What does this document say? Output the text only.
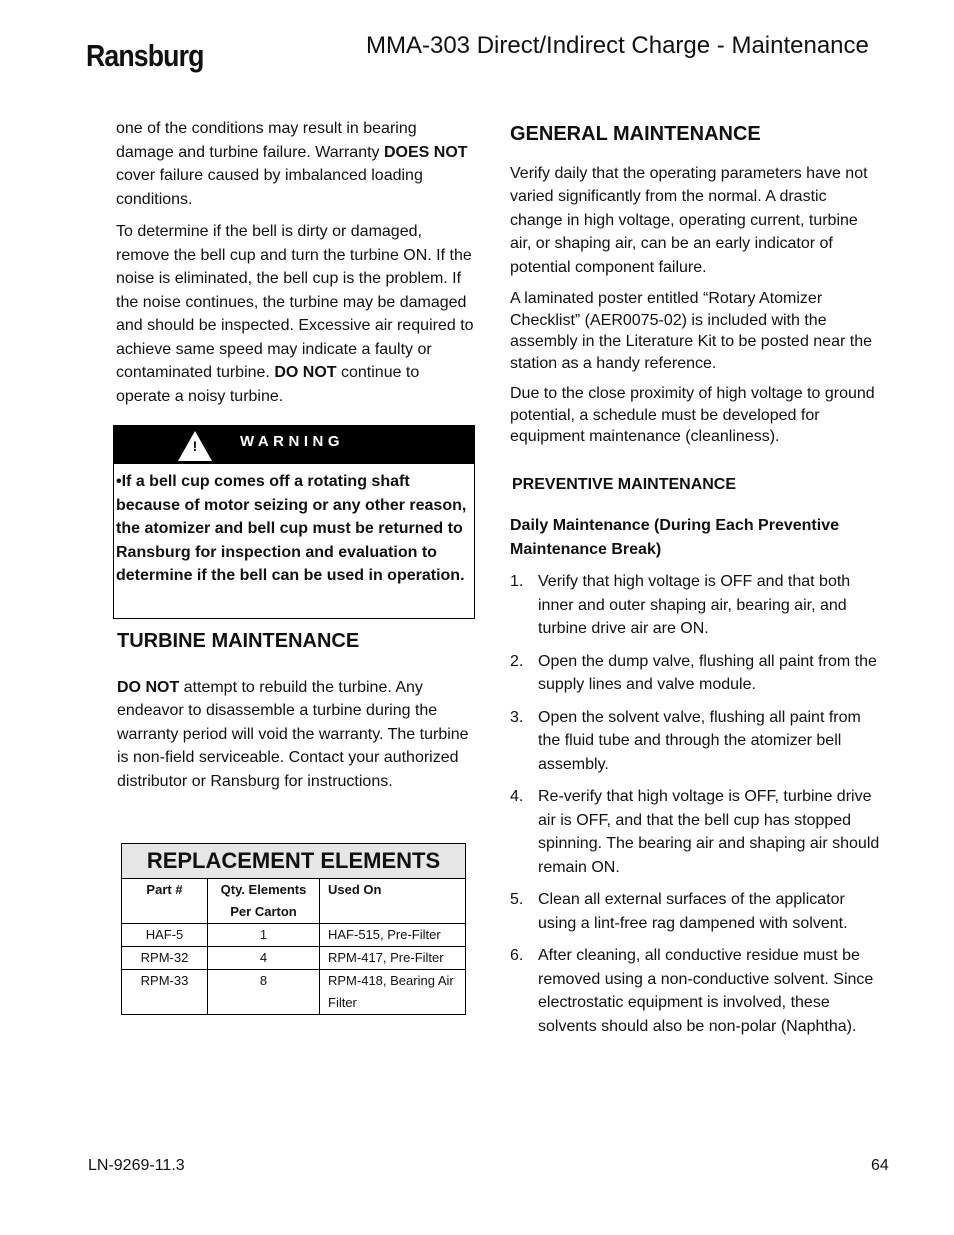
Ransburg	MMA-303 Direct/Indirect Charge - Maintenance

one of the conditions may result in bearing damage and turbine failure. Warranty DOES NOT cover failure caused by imbalanced loading conditions.

To determine if the bell is dirty or damaged, remove the bell cup and turn the turbine ON. If the noise is eliminated, the bell cup is the problem. If the noise continues, the turbine may be damaged and should be inspected. Excessive air required to achieve same speed may indicate a faulty or contaminated turbine. DO NOT continue to operate a noisy turbine.

!	WARNING
•If a bell cup comes off a rotating shaft because of motor seizing or any other reason, the atomizer and bell cup must be returned to Ransburg for inspection and evaluation to determine if the bell can be used in operation.
TURBINE MAINTENANCE

DO NOT attempt to rebuild the turbine. Any endeavor to disassemble a turbine during the warranty period will void the warranty. The turbine is non-field serviceable. Contact your authorized distributor or Ransburg for instructions.

REPLACEMENT ELEMENTS		
Part #	Qty. Elements Per Carton	Used On
HAF-5	1	HAF-515, Pre-Filter
RPM-32	4	RPM-417, Pre-Filter
RPM-33	8	RPM-418, Bearing Air Filter
GENERAL MAINTENANCE

Verify daily that the operating parameters have not varied significantly from the normal. A drastic change in high voltage, operating current, turbine air, or shaping air, can be an early indicator of potential component failure.

A laminated poster entitled “Rotary Atomizer Checklist” (AER0075-02) is included with the assembly in the Literature Kit to be posted near the station as a handy reference.

Due to the close proximity of high voltage to ground potential, a schedule must be developed for equipment maintenance (cleanliness).

PREVENTIVE MAINTENANCE

Daily Maintenance (During Each Preventive Maintenance Break)

1. Verify that high voltage is OFF and that both inner and outer shaping air, bearing air, and turbine drive air are ON.
2. Open the dump valve, flushing all paint from the supply lines and valve module.
3. Open the solvent valve, flushing all paint from the fluid tube and through the atomizer bell assembly.
4. Re-verify that high voltage is OFF, turbine drive air is OFF, and that the bell cup has stopped spinning. The bearing air and shaping air should remain ON.
5. Clean all external surfaces of the applicator using a lint-free rag dampened with solvent.
6. After cleaning, all conductive residue must be removed using a non-conductive solvent. Since electrostatic equipment is involved, these solvents should also be non-polar (Naphtha).
LN-9269-11.3	64
